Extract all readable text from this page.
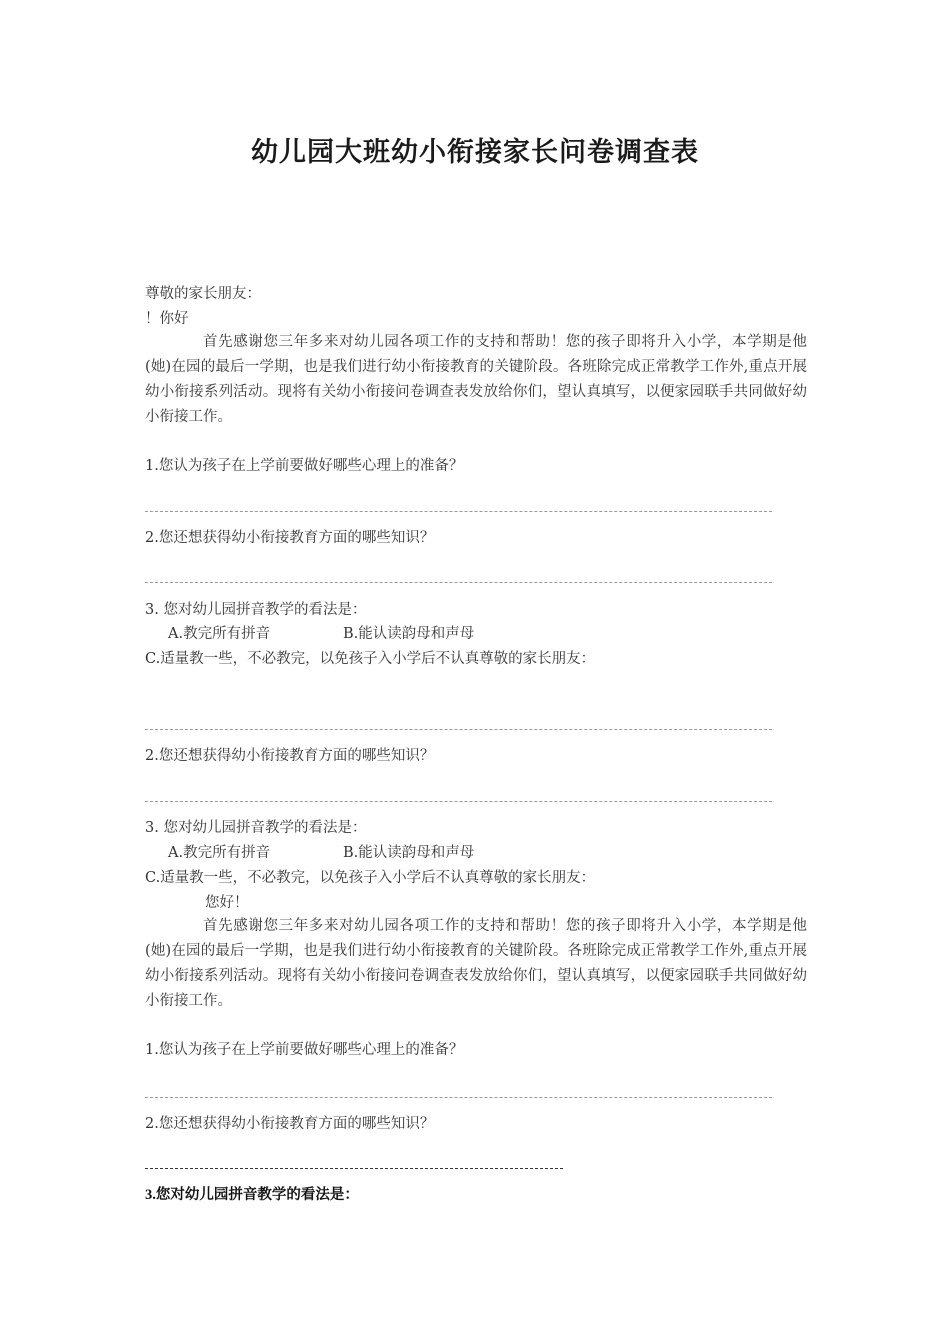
幼儿园大班幼小衔接家长问卷调查表
尊敬的家长朋友：
！你好
首先感谢您三年多来对幼儿园各项工作的支持和帮助！您的孩子即将升入小学，本学期是他(她)在园的最后一学期，也是我们进行幼小衔接教育的关键阶段。各班除完成正常教学工作外,重点开展幼小衔接系列活动。现将有关幼小衔接问卷调查表发放给你们，望认真填写，以便家园联手共同做好幼小衔接工作。
1.您认为孩子在上学前要做好哪些心理上的准备？
2.您还想获得幼小衔接教育方面的哪些知识？
3. 您对幼儿园拼音教学的看法是：
A.教完所有拼音	B.能认读韵母和声母
C.适量教一些，不必教完，以免孩子入小学后不认真尊敬的家长朋友：
2.您还想获得幼小衔接教育方面的哪些知识？
3. 您对幼儿园拼音教学的看法是：
A.教完所有拼音	B.能认读韵母和声母
C.适量教一些，不必教完，以免孩子入小学后不认真尊敬的家长朋友：
您好！
首先感谢您三年多来对幼儿园各项工作的支持和帮助！您的孩子即将升入小学，本学期是他(她)在园的最后一学期，也是我们进行幼小衔接教育的关键阶段。各班除完成正常教学工作外,重点开展幼小衔接系列活动。现将有关幼小衔接问卷调查表发放给你们，望认真填写，以便家园联手共同做好幼小衔接工作。
1.您认为孩子在上学前要做好哪些心理上的准备？
2.您还想获得幼小衔接教育方面的哪些知识？
3.您对幼儿园拼音教学的看法是：
